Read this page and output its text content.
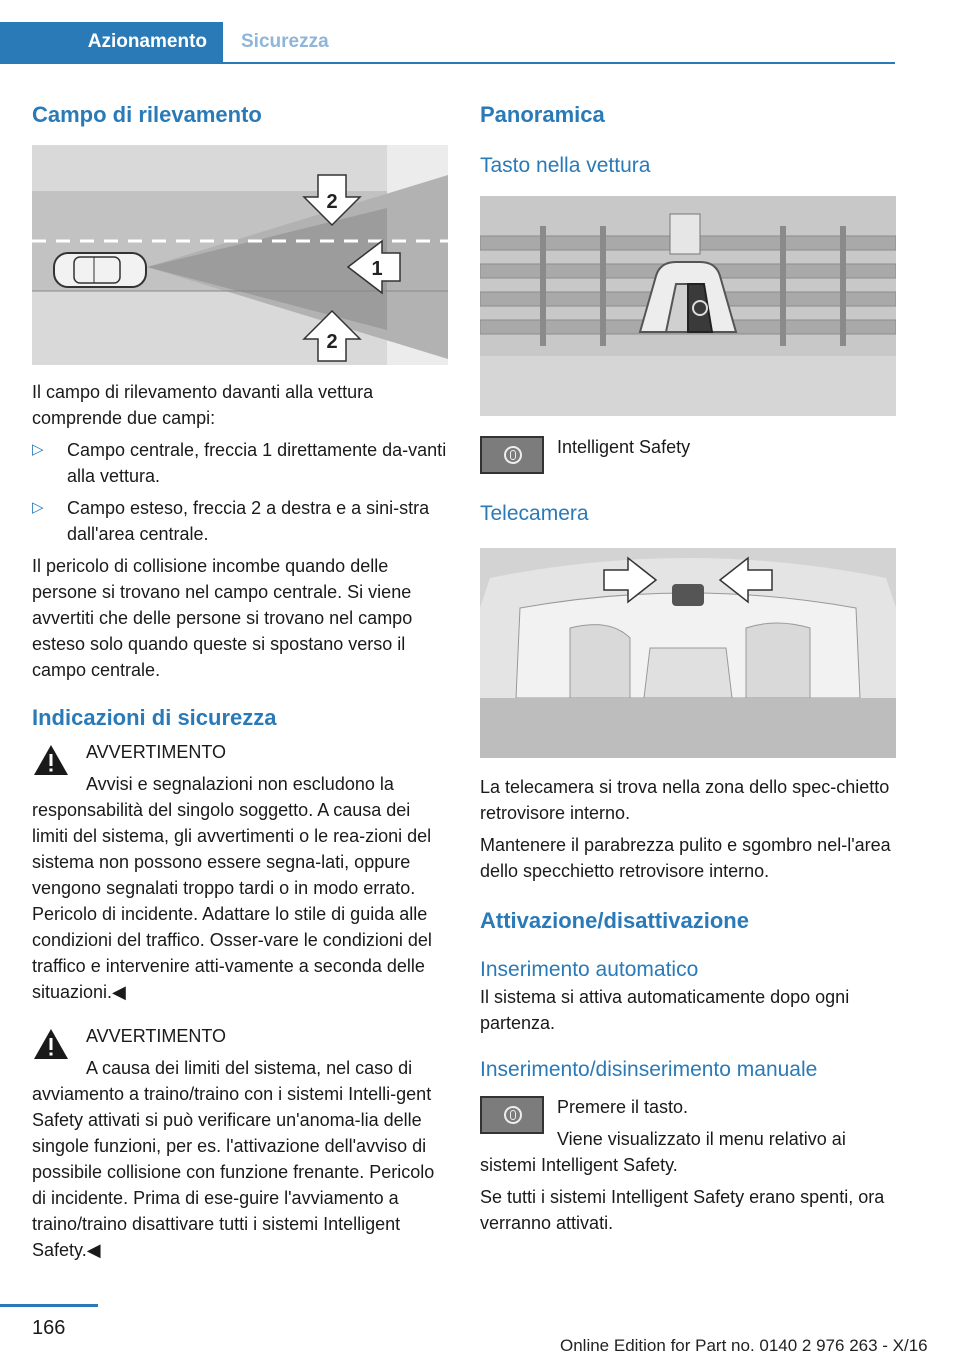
Azionamento Sicurezza
Campo di rilevamento
2
1
2

Il campo di rilevamento davanti alla vettura comprende due campi:

▷ Campo centrale, freccia 1 direttamente da-vanti alla vettura.
▷ Campo esteso, freccia 2 a destra e a sini-stra dall'area centrale.

Il pericolo di collisione incombe quando delle persone si trovano nel campo centrale. Si viene avvertiti che delle persone si trovano nel campo esteso solo quando queste si spostano verso il campo centrale.

Indicazioni di sicurezza

AVVERTIMENTO

Avvisi e segnalazioni non escludono la responsabilità del singolo soggetto. A causa dei limiti del sistema, gli avvertimenti o le rea-zioni del sistema non possono essere segna-lati, oppure vengono segnalati troppo tardi o in modo errato. Pericolo di incidente. Adattare lo stile di guida alle condizioni del traffico. Osser-vare le condizioni del traffico e intervenire atti-vamente a seconda delle situazioni.◀

AVVERTIMENTO

A causa dei limiti del sistema, nel caso di avviamento a traino/traino con i sistemi Intelli-gent Safety attivati si può verificare un'anoma-lia delle singole funzioni, per es. l'attivazione dell'avviso di possibile collisione con funzione frenante. Pericolo di incidente. Prima di ese-guire l'avviamento a traino/traino disattivare tutti i sistemi Intelligent Safety.◀

Panoramica
Tasto nella vettura

Intelligent Safety

Telecamera

La telecamera si trova nella zona dello spec-chietto retrovisore interno.

Mantenere il parabrezza pulito e sgombro nel-l'area dello specchietto retrovisore interno.

Attivazione/disattivazione
Inserimento automatico

Il sistema si attiva automaticamente dopo ogni partenza.

Inserimento/disinserimento manuale

Premere il tasto.

Viene visualizzato il menu relativo ai sistemi Intelligent Safety.

Se tutti i sistemi Intelligent Safety erano spenti, ora verranno attivati.

166
Online Edition for Part no. 0140 2 976 263 - X/16
